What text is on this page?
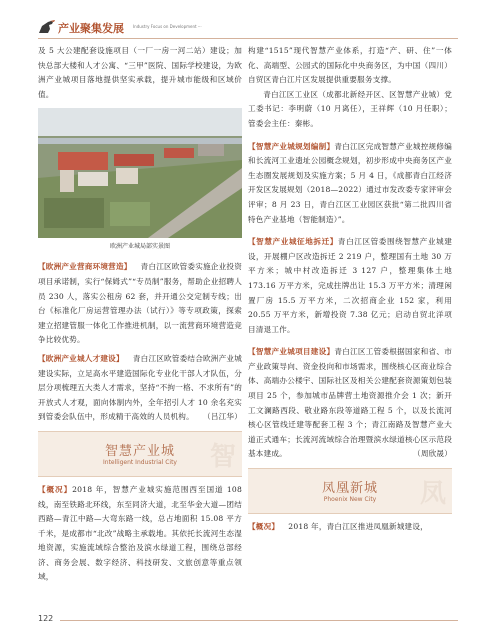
产业聚集发展 Industry Focus on Development ···

及 5 大公建配套设施项目（一厂一房一河二站）建设；加快总部大楼和人才公寓、“三甲”医院、国际学校建设，为欧洲产业城项目落地提供坚实承载，提升城市能级和区域价值。

欧洲产业城局部实景图

【欧洲产业营商环境营造】 青白江区欧管委实施企业投资项目承诺制，实行“保姆式”“专员制”服务，帮助企业招聘人员 230 人，落实公租房 62 套，并开通公交定制专线；出台《标准化厂房运营管理办法（试行）》等专项政策，探索建立招建管服一体化工作推进机制，以一流营商环境营造竞争比较优势。

【欧洲产业城人才建设】 青白江区欧管委结合欧洲产业城建设实际，立足高水平建造国际化专业化干部人才队伍，分层分项梳理五大类人才需求，坚持“不拘一格、不求所有”的开放式人才观，面向体制内外，全年招引人才 10 余名充实到管委会队伍中，形成精干高效的人员机构。 （吕江华）

智
智慧产业城
Intelligent Industrial City

【概况】2018 年，智慧产业城实施范围西至国道 108 线，南至铁路北环线，东至同济大道，北至华金大道—团结西路—青江中路—大弯东路一线，总占地面积 15.08 平方千米，是成都市“北改”战略主承载地。其依托长流河生态湿地资源，实施流域综合整治及滨水绿道工程，围绕总部经济、商务会展、数字经济、科技研发、文旅创意等重点领域，

构建“1515”现代智慧产业体系，打造“产、研、住”一体化、高端型、公园式的国际化中央商务区，为中国（四川）自贸区青白江片区发展提供重要服务支撑。

青白江区工业区（成都北新经开区、区智慧产业城）党工委书记：李明蔚（10 月离任），王祥辉（10 月任职）；管委会主任：秦彬。

【智慧产业城规划编制】青白江区完成智慧产业城控规修编和长流河工业遗址公园概念规划，初步形成中央商务区产业生态圈发展规划及实施方案；5 月 4 日，《成都青白江经济开发区发展规划（2018—2022）通过市发改委专家评审会评审；8 月 23 日，青白江区工业园区获批“第二批四川省特色产业基地（智能制造）”。

【智慧产业城征地拆迁】青白江区管委围绕智慧产业城建设，开展棚户区改造拆迁 2 219 户，整理国有土地 30 万平方米；城中村改造拆迁 3 127 户，整理集体土地 173.16 万平方米，完成拄牌出让 15.3 万平方米；清理闲置厂房 15.5 万平方米，二次招商企业 152 家，利用 20.55 万平方米，新增投资 7.38 亿元；启动自贸北洋项目清退工作。

【智慧产业城项目建设】青白江区工管委根据国家和省、市产业政策导向、资金投向和市场需求，围绕核心区商业综合体、高端办公楼宇、国际社区及相关公建配套资源策划包装项目 25 个，参加城市品牌营土地资源推介会 1 次；新开工文澜路西段、敬业路东段等道路工程 5 个，以及长流河核心区管线迁建等配套工程 3 个；青江南路及智慧产业大道正式通车；长流河流域综合治理暨滨水绿道核心区示范段基本建成。	（周欣晟）

凤
凤凰新城
Phoenix New City

【概况】 2018 年，青白江区推进凤凰新城建设，

122
